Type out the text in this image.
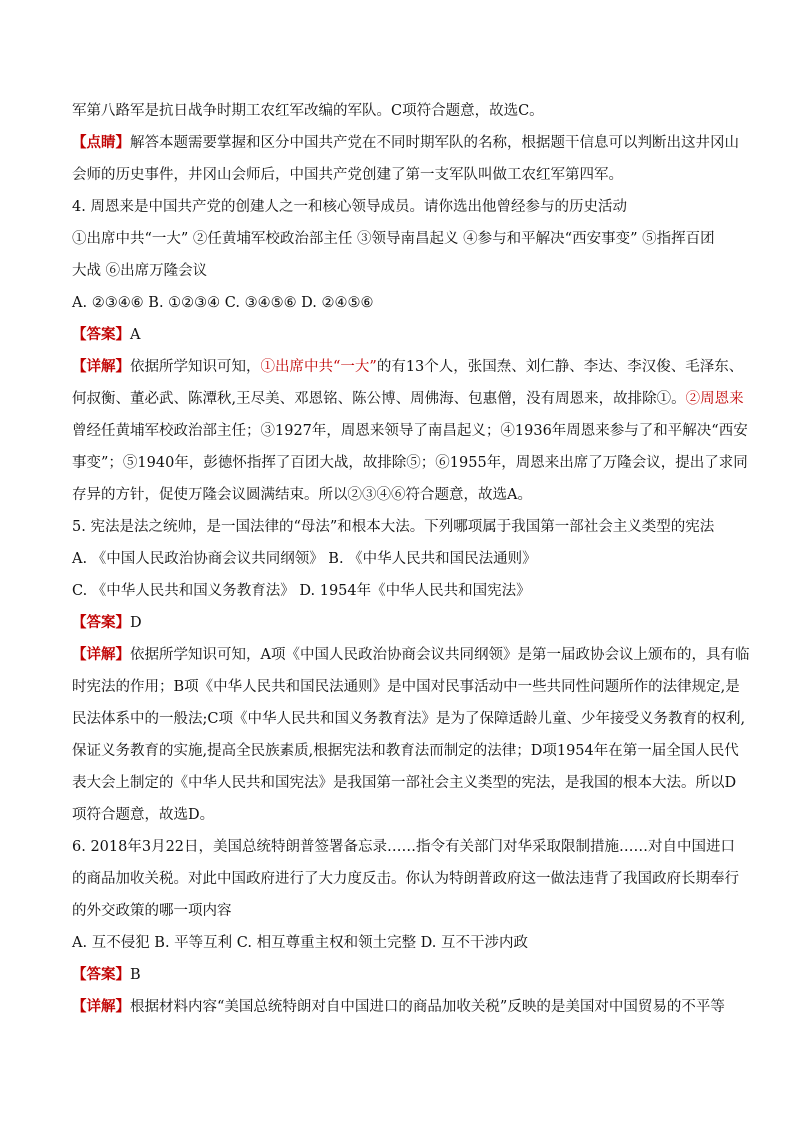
军第八路军是抗日战争时期工农红军改编的军队。C项符合题意，故选C。
【点睛】解答本题需要掌握和区分中国共产党在不同时期军队的名称，根据题干信息可以判断出这井冈山
会师的历史事件，井冈山会师后，中国共产党创建了第一支军队叫做工农红军第四军。
4. 周恩来是中国共产党的创建人之一和核心领导成员。请你选出他曾经参与的历史活动
①出席中共“一大” ②任黄埔军校政治部主任 ③领导南昌起义 ④参与和平解决“西安事变” ⑤指挥百团
大战 ⑥出席万隆会议
A. ②③④⑥ B. ①②③④ C. ③④⑤⑥ D. ②④⑤⑥
【答案】A
【详解】依据所学知识可知，①出席中共“一大”的有13个人，张国焘、刘仁静、李达、李汉俊、毛泽东、
何叔衡、董必武、陈潭秋,王尽美、邓恩铭、陈公博、周佛海、包惠僧，没有周恩来，故排除①。②周恩来
曾经任黄埔军校政治部主任；③1927年，周恩来领导了南昌起义；④1936年周恩来参与了和平解决“西安
事变”；⑤1940年，彭德怀指挥了百团大战，故排除⑤；⑥1955年，周恩来出席了万隆会议，提出了求同
存异的方针，促使万隆会议圆满结束。所以②③④⑥符合题意，故选A。
5. 宪法是法之统帅，是一国法律的“母法”和根本大法。下列哪项属于我国第一部社会主义类型的宪法
A. 《中国人民政治协商会议共同纲领》 B. 《中华人民共和国民法通则》
C. 《中华人民共和国义务教育法》 D. 1954年《中华人民共和国宪法》
【答案】D
【详解】依据所学知识可知，A项《中国人民政治协商会议共同纲领》是第一届政协会议上颁布的，具有临
时宪法的作用；B项《中华人民共和国民法通则》是中国对民事活动中一些共同性问题所作的法律规定,是
民法体系中的一般法;C项《中华人民共和国义务教育法》是为了保障适龄儿童、少年接受义务教育的权利,
保证义务教育的实施,提高全民族素质,根据宪法和教育法而制定的法律；D项1954年在第一届全国人民代
表大会上制定的《中华人民共和国宪法》是我国第一部社会主义类型的宪法，是我国的根本大法。所以D
项符合题意，故选D。
6. 2018年3月22日，美国总统特朗普签署备忘录……指令有关部门对华采取限制措施……对自中国进口
的商品加收关税。对此中国政府进行了大力度反击。你认为特朗普政府这一做法违背了我国政府长期奉行
的外交政策的哪一项内容
A. 互不侵犯 B. 平等互利 C. 相互尊重主权和领土完整 D. 互不干涉内政
【答案】B
【详解】根据材料内容“美国总统特朗对自中国进口的商品加收关税”反映的是美国对中国贸易的不平等
